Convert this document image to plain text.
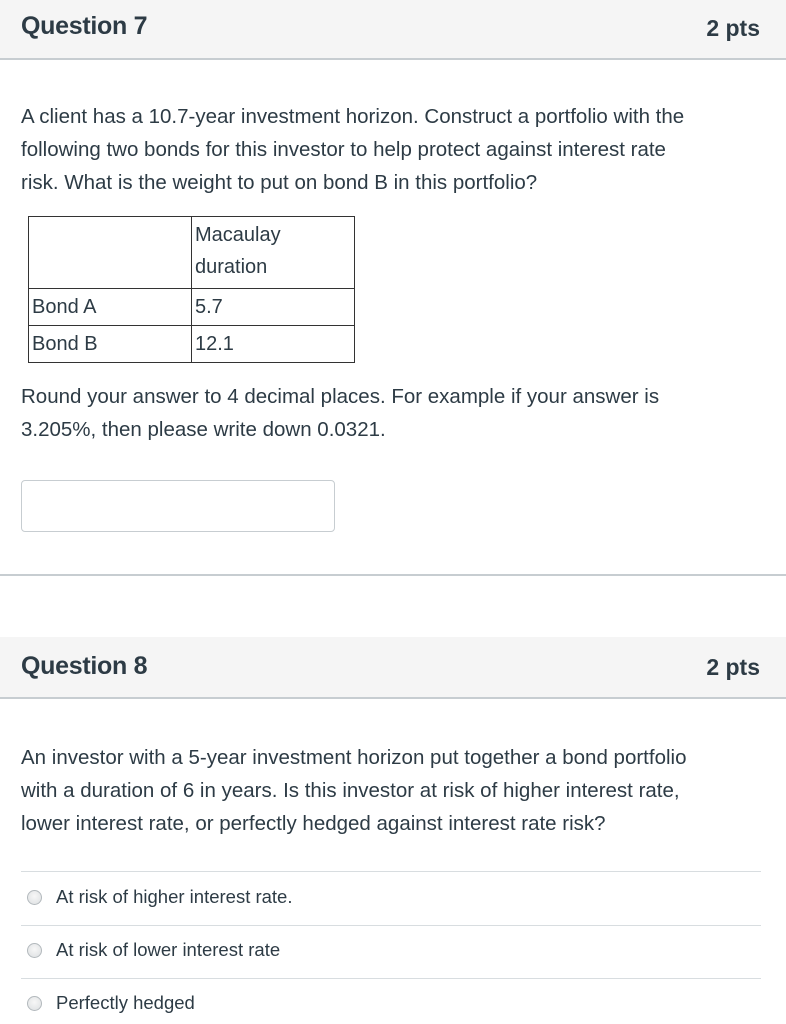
Question 7	2 pts
A client has a 10.7-year investment horizon. Construct a portfolio with the
following two bonds for this investor to help protect against interest rate
risk. What is the weight to put on bond B in this portfolio?

	Macaulay
duration

Bond A	5.7
Bond B	12.1
Round your answer to 4 decimal places. For example if your answer is
3.205%, then please write down 0.0321.
Question 8	2 pts
An investor with a 5-year investment horizon put together a bond portfolio
with a duration of 6 in years. Is this investor at risk of higher interest rate,
lower interest rate, or perfectly hedged against interest rate risk?
At risk of higher interest rate.
At risk of lower interest rate
Perfectly hedged
